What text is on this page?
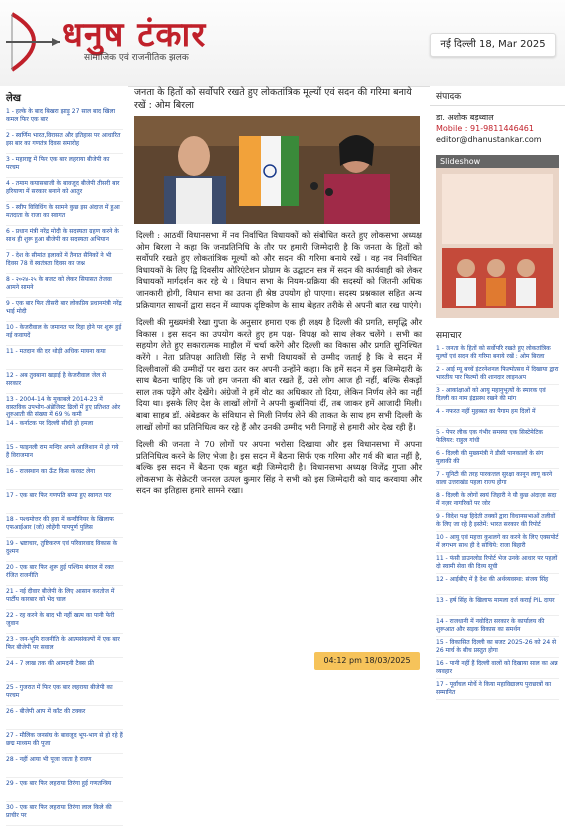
धनुष टंकार
सामाजिक एवं राजनीतिक झलक
नई दिल्ली 18, Mar 2025
लेख
1 - हल्के के बाद बिखरा झाड़ू 27 साल बाद खिला कमल फिर एक बार
2 - स्वर्णिम भारत,विरासत और इतिहास पर आधारित इस बार का गणतंत्र दिवस समारोह
3 - महाराष्ट्र में फिर एक बार लहराया बीजेपी का परचम
4 - तमाम कयासबाजी के बावजूद बीजेपी तीसरी बार हरियाणा में सरकार बनाने को आतुर
5 - स्वीप विविधिंग के सामने कुछ इस अंदाज में हुआ मतदाता के राजा का स्वागत
6 - प्रधान मंत्री नरेंद्र मोदी के सदस्यता ग्रहण करने के साथ ही शुरू हुआ बीजेपी का सदस्यता अभियान
7 - देश के सीमांत इलाकों में तैनात सैनिकों ने भी दिवस 78 वें स्वतंत्रता दिवस का जश्न
8 - २०२४-२५ के बजट को लेकर सियासत तेजवा आमने सामने
9 - एक बार फिर तीसरी बार लोकप्रिय प्रधानमंत्री नरेंद्र भाई मोदी
10 - केजरीवाल के जमानत पर रिहा होने पर शुरू हुई नई कवायदें
11 - मतदान की दर थोड़ी अधिक मायना कया
12 - अब तुवबाना खड़ाई है केजरीवाल जेल से सरकार
13 - 2004-14 के मुकाबले 2014-23 में वास्तविक उपभोग-अंब्रेजिस्ट ढिलों में हुए प्रतिशत ओर शुरुआती की संख्या में 69 % कमी
14 - कर्नाटक पर दिल्ली सीधी हो हमला
15 - फाइनली राम मन्दिर अपने आलिशान में हो गये हैं विराजमान
16 - राजस्थान का ऊँट किस करवट लेगा
17 - एक बार फिर गणपति बप्पा हुए स्वागत पार
18 - पश्चमोत्तर की हवा में कन्वीनियर के खिलाफ एफआईआर (जो) लोहेंगी पापपूर्ण पुलिस
19 - भ्रष्टाचार, तुष्टिकरण एवं परिवारवाद विकास के दुश्मन
20 - एक बार फिर शुरू हुई पश्चिम बंगाल में रक्त रंजित राजनीति
21 - नई दीवार बीजेपी के लिए आसान करतोज में पार्टीय कारबार को भेद चाल
22 - रह करने के बाद भी नहीं खत्म का पानी फेरी जुवान
23 - जन-भूमि राजनीति के आत्मसंकल्पों में एक बार फिर बीजेपी पर सवाल
24 - 7 लाख तक की आमदनी टैक्स फ्री
25 - गुजरात में फिर एक बार लहराया बीजेपी का परचम
26 - बीजेपी आप में कॉट की टक्कर
27 - मौलिक जनसंघ के बावजूद भूप-भाग से हो रहे हैं छद्म माध्यम की पूजा
28 - नहीं आया भी पूजा जाता है रावण
29 - एक बार फिर लहराया तिरंगा हुई गणतन्त्रिय
30 - एक बार फिर लहराया तिरंगा लाल किले की प्राचीर पर
जनता के हितों को सर्वोपरि रखते हुए लोकतांत्रिक मूल्यों एवं सदन की गरिमा बनाये रखें : ओम बिरला

दिल्ली : आठवीं विधानसभा में नव निर्वाचित विधायकों को संबोधित करते हुए लोकसभा अध्यक्ष ओम बिरला ने कहा कि जनप्रतिनिधि के तौर पर हमारी जिम्मेदारी है कि जनता के हितों को सर्वोपरि रखते हुए लोकतांत्रिक मूल्यों को और सदन की गरिमा बनाये रखें । वह नव निर्वाचित विधायकों के लिए द्वि दिवसीय ओरिएंटेशन प्रोग्राम के उद्घाटन सत्र में सदन की कार्यवाही को लेकर विधायकों मार्गदर्शन कर रहे थे । विधान सभा के नियम-प्रक्रिया की सदस्यों को जितनी अधिक जानकारी होगी, विधान सभा का उतना ही श्रेष्ठ उपयोग हो पाएगा। सदस्य प्रश्नकाल सहित अन्य प्रक्रियागत साधनों द्वारा सदन में व्यापक दृष्टिकोण के साथ बेहतर तरीके से अपनी बात रख पाएंगे।

दिल्ली की मुख्यमंत्री रेखा गुप्ता के अनुसार हमारा एक ही लक्ष्य है दिल्ली की प्रगति, समृद्धि और विकास । इस सदन का उपयोग करते हुए हम पक्ष- विपक्ष को साथ लेकर चलेंगे । सभी का सहयोग लेते हुए सकारात्मक माहौल में चर्चा करेंगे और दिल्ली का विकास और प्रगति सुनिश्चित करेंगे । नेता प्रतिपक्ष आतिशी सिंह ने सभी विधायकों से उम्मीद जताई है कि वे सदन में दिल्लीवालों की उम्मीदों पर खरा उतर कर अपनी उन्होंने कहा। कि हमें सदन में इस जिम्मेदारी के साथ बैठना चाहिए कि जो हम जनता की बात रखते हैं, उसे लोग आज ही नहीं, बल्कि सैकड़ों साल तक पढ़ेंगे और देखेंगे। अंग्रेजों ने हमें वोट का अधिकार तो दिया, लेकिन निर्णय लेने का नहीं दिया था। इसके लिए देश के लाखों लोगों ने अपनी कुर्बानियां दीं, तब जाकर हमें आजादी मिली। बाबा साहब डॉ. अंबेडकर के संविधान से मिली निर्णय लेने की ताकत के साथ हम सभी दिल्ली के लाखों लोगों का प्रतिनिधित्व कर रहे हैं और उनकी उम्मीद भरी निगाहें से हमारी ओर देख रही हैं।

दिल्ली की जनता ने 70 लोगों पर अपना भरोसा दिखाया और इस विधानसभा में अपना प्रतिनिधित्व करने के लिए भेजा है। इस सदन में बैठना सिर्फ एक गरिमा और गर्व की बात नहीं है, बल्कि इस सदन में बैठना एक बहुत बड़ी जिम्मेदारी है। विधानसभा अध्यक्ष विजेंद्र गुप्ता और लोकसभा के सेक्रेटरी जनरल उत्पल कुमार सिंह ने सभी को इस जिम्मेदारी को याद करवाया और सदन का इतिहास हमारे सामने रखा।

04:12 pm 18/03/2025
संपादक
डा. अशोक बड़थ्वाल
Mobile : 91-9811446461
editor@dhanustankar.com
Slideshow
समाचार
1 - जनता के हितों को सर्वोपरि रखते हुए लोकतांत्रिक मूल्यों एवं सदन की गरिमा बनाये रखें : ओम बिरला
2 - आई म्यू बच्चें इंटरनेशनल फिल्मोत्सव में दिखाया द्वारा भारतीय पार फिल्मों की शानदार लाइनअप
3 - आकांक्षाओं को आयु महानुभूत्यों के स्मारक एवं दिल्ली का नाम इंद्रप्रस्थ रखने की मांग
4 - नफरत नहीं मुहब्बत का पैगाम हम दिलों में
5 - पेपर लीक एक गंभीर समस्या एक सिस्टेमेटिक फेलियर: राहुल गांधी
6 - दिल्ली की मुख्यमंत्री ने डीसी पानकालों के संग मुलाकी की
7 - यूनिटी की तरह पारकत्तल सुरक्षा कानून लागू करने वाला उत्तराखंड पहला राज्य होगा
8 - दिल्ली के लोगों स्वयं जिहारी ने यौ कुछ अंदाज़ा सदा में नज़र नागरिकों पर जोर
9 - विदेश पक्ष हिदेती तक्कों द्वारा विधानसभाओं तलीवों के लिए जा रहे है इस्तेमें: भारत सरकार की रिपोर्ट
10 - आयु एवं महत्ता कुशलगे का करने के लिए एक्सपोर्ट में लगभग साथ ही दे सोचिये: राजा बिहारी
11 - फंसी डाउनलोड रिपोर्ट भेज उनके आधार पर पहलों दो स्वामी सेवा की दिव्य सूची
12 - आईबीए में है देश की अर्थव्यवस्था: संजय सिंह
13 - हर्ष सिंह के खिलाफ मामला दर्ज कराई PIL दायर
14 - राजधानी में नवोदित सरकार के कार्यालय की शुरूआत और सड़क विकास का समर्थन
15 - विकासित दिल्ली का बजट 2025-26 को 24 से 26 मार्च के बीच प्रस्तुत होगा
16 - पानी नहीं हैं दिल्ली वालों को दिखाया साल का अन्न व्यवहार
17 - पूर्वांचल मोर्चे ने किया महाविद्यालय पुराछात्रों का सम्मानित
